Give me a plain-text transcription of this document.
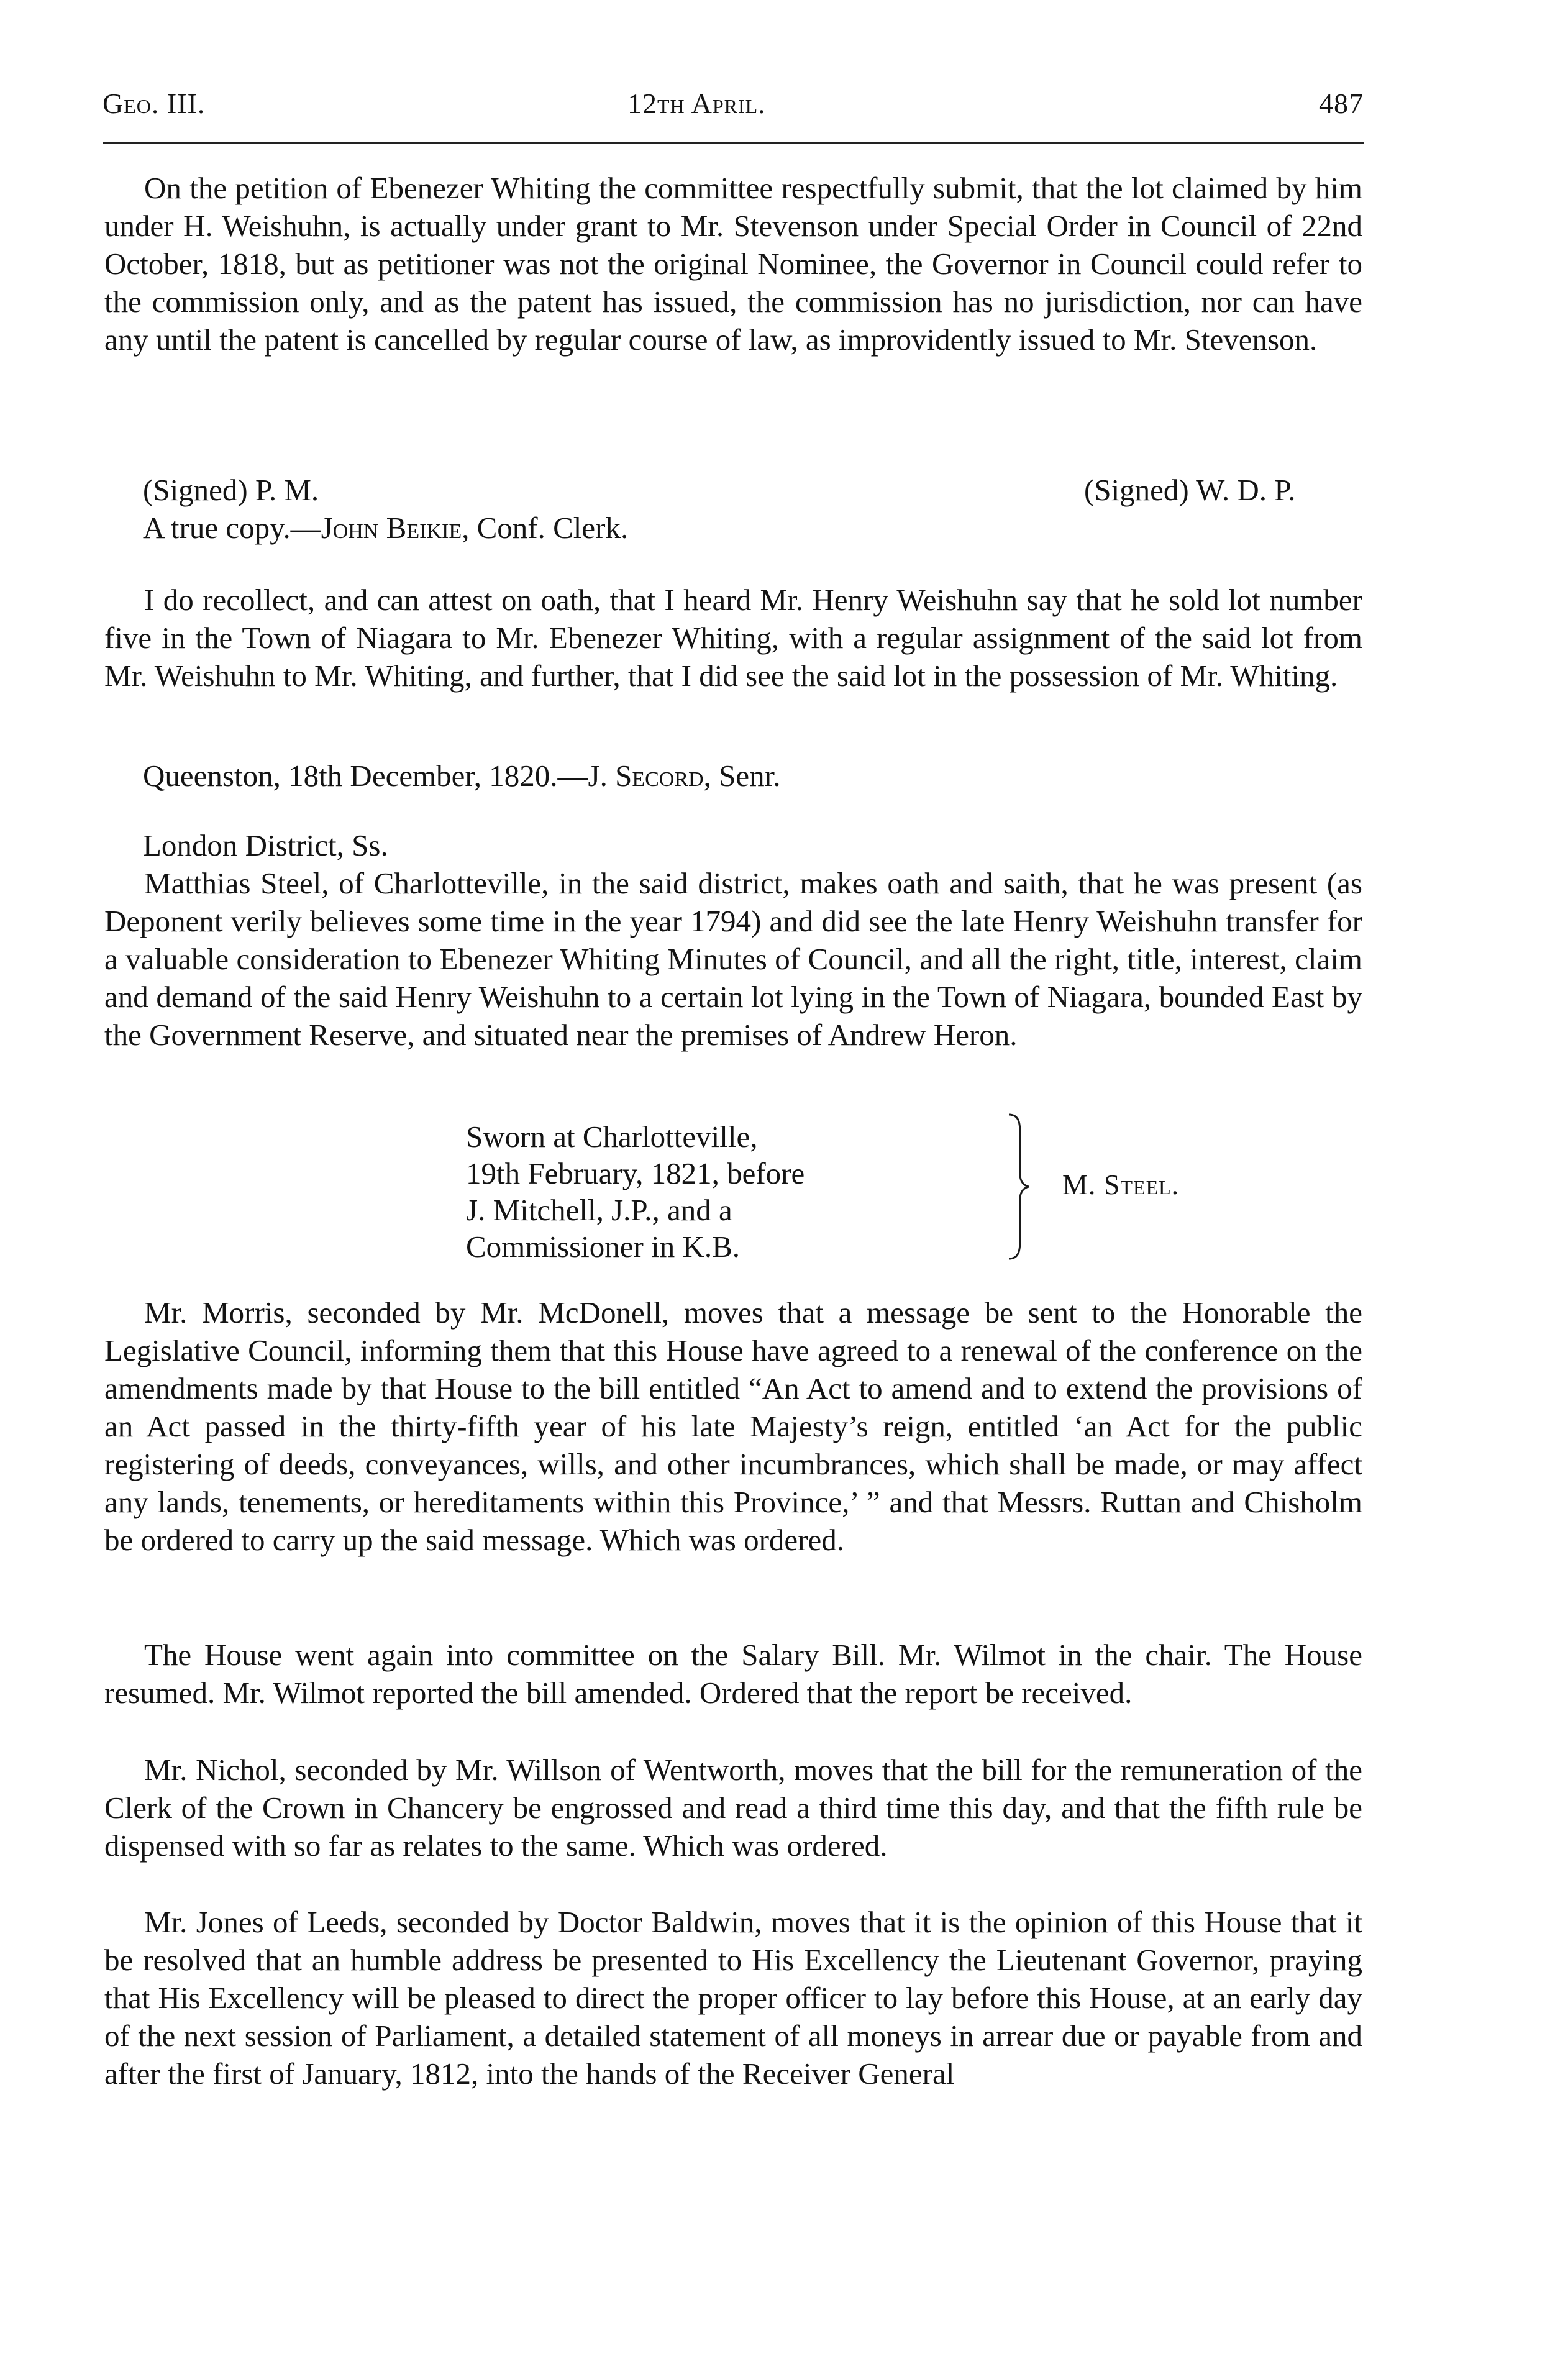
Geo. III.	12th April.	487

On the petition of Ebenezer Whiting the committee respectfully submit, that the lot claimed by him under H. Weishuhn, is actually under grant to Mr. Stevenson under Special Order in Council of 22nd October, 1818, but as petitioner was not the original Nominee, the Governor in Council could refer to the commission only, and as the patent has issued, the commission has no jurisdiction, nor can have any until the patent is cancelled by regular course of law, as improvidently issued to Mr. Stevenson.

(Signed) P. M.	(Signed) W. D. P.
A true copy.—John Beikie, Conf. Clerk.

I do recollect, and can attest on oath, that I heard Mr. Henry Weishuhn say that he sold lot number five in the Town of Niagara to Mr. Ebenezer Whiting, with a regular assignment of the said lot from Mr. Weishuhn to Mr. Whiting, and further, that I did see the said lot in the possession of Mr. Whiting.

Queenston, 18th December, 1820.—J. Secord, Senr.
London District, Ss.

Matthias Steel, of Charlotteville, in the said district, makes oath and saith, that he was present (as Deponent verily believes some time in the year 1794) and did see the late Henry Weishuhn transfer for a valuable consideration to Ebenezer Whiting Minutes of Council, and all the right, title, interest, claim and demand of the said Henry Weishuhn to a certain lot lying in the Town of Niagara, bounded East by the Government Reserve, and situated near the premises of Andrew Heron.

Sworn at Charlotteville,
19th February, 1821, before
J. Mitchell, J.P., and a
Commissioner in K.B.
M. Steel.

Mr. Morris, seconded by Mr. McDonell, moves that a message be sent to the Honorable the Legislative Council, informing them that this House have agreed to a renewal of the conference on the amendments made by that House to the bill entitled “An Act to amend and to extend the provisions of an Act passed in the thirty-fifth year of his late Majesty’s reign, entitled ‘an Act for the public registering of deeds, conveyances, wills, and other incumbrances, which shall be made, or may affect any lands, tenements, or hereditaments within this Province,’ ” and that Messrs. Ruttan and Chisholm be ordered to carry up the said message. Which was ordered.

The House went again into committee on the Salary Bill. Mr. Wilmot in the chair. The House resumed. Mr. Wilmot reported the bill amended. Ordered that the report be received.

Mr. Nichol, seconded by Mr. Willson of Wentworth, moves that the bill for the remuneration of the Clerk of the Crown in Chancery be engrossed and read a third time this day, and that the fifth rule be dispensed with so far as relates to the same. Which was ordered.

Mr. Jones of Leeds, seconded by Doctor Baldwin, moves that it is the opinion of this House that it be resolved that an humble address be presented to His Excellency the Lieutenant Governor, praying that His Excellency will be pleased to direct the proper officer to lay before this House, at an early day of the next session of Parliament, a detailed statement of all moneys in arrear due or payable from and after the first of January, 1812, into the hands of the Receiver General
